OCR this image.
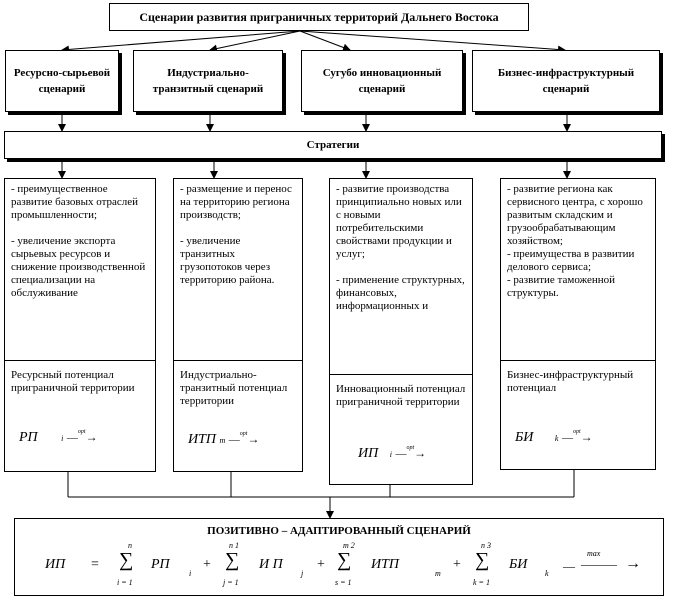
Сценарии развития приграничных территорий Дальнего Востока
Ресурсно-сырьевой сценарий
Индустриально-транзитный сценарий
Сугубо инновационный сценарий
Бизнес-инфраструктурный сценарий
Стратегии
- преимущественное развитие базовых отраслей промышленности;

- увеличение экспорта сырьевых ресурсов и снижение производственной специализации на обслуживание
Ресурсный потенциал приграничной территории
РП	i —$^{opt}$→
- размещение и перенос на территорию региона производств;

- увеличение транзитных грузопотоков через территорию района.
Индустриально-транзитный потенциал территории
ИТП m —$^{opt}$→
- развитие производства принципиально новых или с новыми потребительскими свойствами продукции и услуг;

- применение структурных, финансовых, информационных и
Инновационный потенциал приграничной территории
ИП i —$^{opt}$→
- развитие региона как сервисного центра, с хорошо развитым складским и грузообрабатывающим хозяйством;
- преимущества в развитии делового сервиса;
- развитие таможенной структуры.
Бизнес-инфраструктурный потенциал
БИ	k —$^{opt}$→
ПОЗИТИВНО – АДАПТИРОВАННЫЙ СЦЕНАРИЙ
ИП =
n
∑
i = 1
РП
i
+
n 1
∑
j = 1
И П
j
+
m 2
∑
s = 1
ИТП
m
+
n 3
∑
k = 1
БИ
k
—
max
——— →
